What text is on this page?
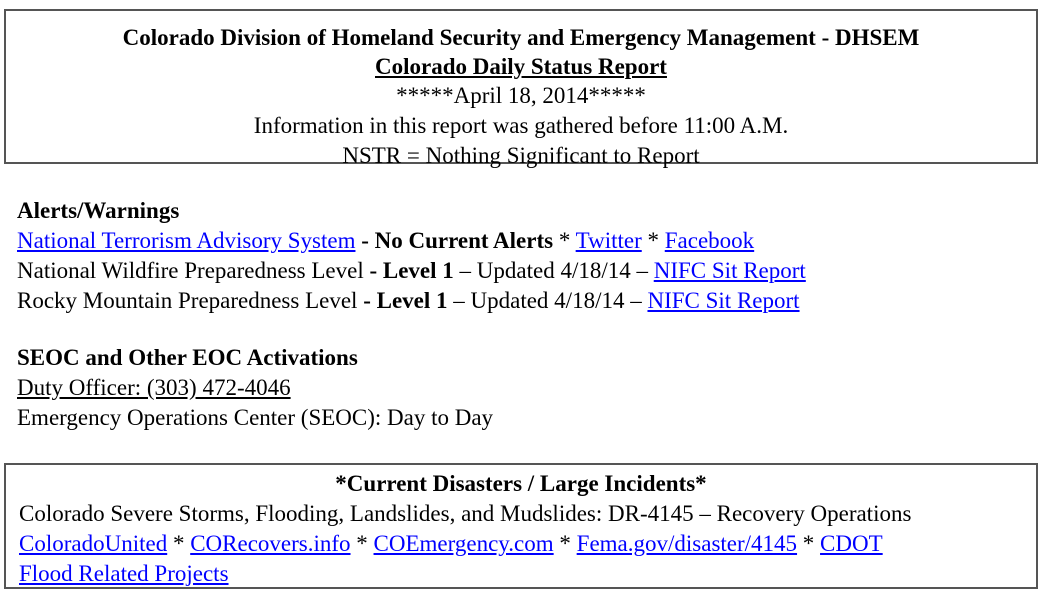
Colorado Division of Homeland Security and Emergency Management - DHSEM
Colorado Daily Status Report
*****April 18, 2014*****
Information in this report was gathered before 11:00 A.M.
NSTR = Nothing Significant to Report
Alerts/Warnings
National Terrorism Advisory System - No Current Alerts * Twitter * Facebook
National Wildfire Preparedness Level - Level 1 – Updated 4/18/14 – NIFC Sit Report
Rocky Mountain Preparedness Level - Level 1 – Updated 4/18/14 – NIFC Sit Report
SEOC and Other EOC Activations
Duty Officer: (303) 472-4046
Emergency Operations Center (SEOC): Day to Day
*Current Disasters / Large Incidents*
Colorado Severe Storms, Flooding, Landslides, and Mudslides: DR-4145 – Recovery Operations
ColoradoUnited * CORecovers.info * COEmergency.com * Fema.gov/disaster/4145 * CDOT
Flood Related Projects
